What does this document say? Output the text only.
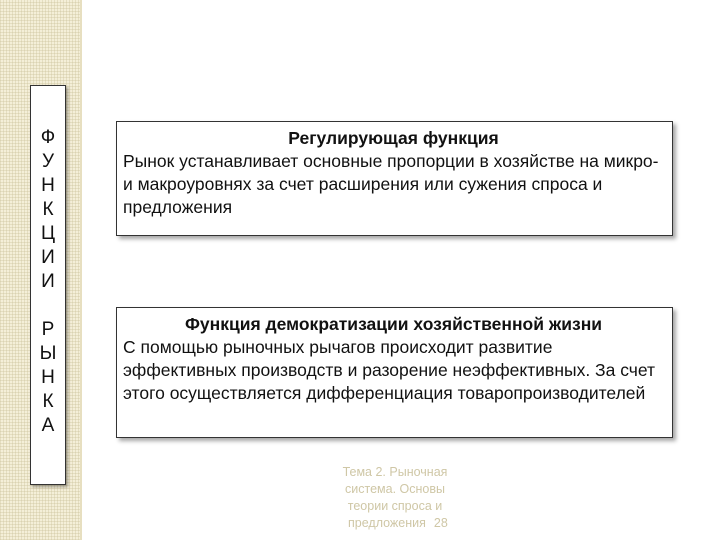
Ф
У
Н
К
Ц
И
И
Р
Ы
Н
К
А
Регулирующая функция
Рынок устанавливает основные пропорции в хозяйстве на микро- и макроуровнях за счет расширения или сужения спроса и предложения
Функция демократизации хозяйственной жизни
С помощью рыночных рычагов происходит развитие эффективных производств и разорение неэффективных. За счет этого осуществляется дифференциация товаропроизводителей
Тема 2. Рыночная
система. Основы
теории спроса и
предложения 28
